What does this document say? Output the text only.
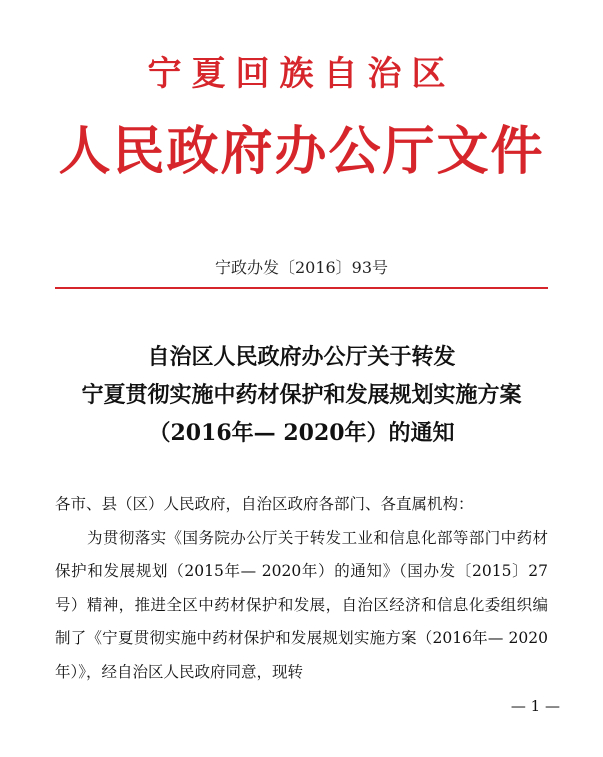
宁夏回族自治区
人民政府办公厅文件
宁政办发〔2016〕93号
自治区人民政府办公厅关于转发
宁夏贯彻实施中药材保护和发展规划实施方案
（2016年— 2020年）的通知

各市、县（区）人民政府，自治区政府各部门、各直属机构：

为贯彻落实《国务院办公厅关于转发工业和信息化部等部门中药材保护和发展规划（2015年— 2020年）的通知》（国办发〔2015〕27号）精神，推进全区中药材保护和发展，自治区经济和信息化委组织编制了《宁夏贯彻实施中药材保护和发展规划实施方案（2016年— 2020年）》，经自治区人民政府同意，现转

— 1 —
